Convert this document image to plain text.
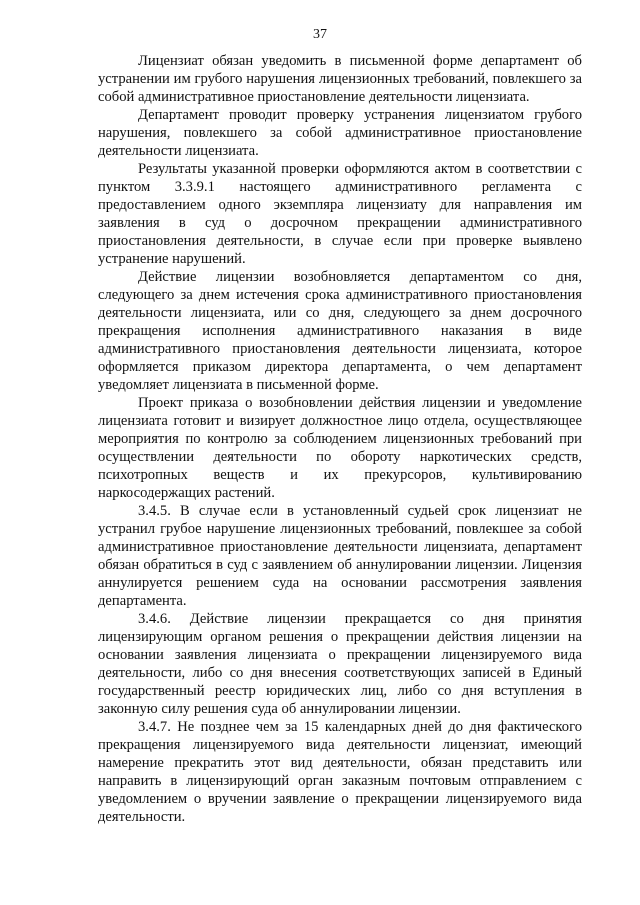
37

Лицензиат обязан уведомить в письменной форме департамент об устранении им грубого нарушения лицензионных требований, повлекшего за собой административное приостановление деятельности лицензиата.

Департамент проводит проверку устранения лицензиатом грубого нарушения, повлекшего за собой административное приостановление деятельности лицензиата.

Результаты указанной проверки оформляются актом в соответствии с пунктом 3.3.9.1 настоящего административного регламента с предоставлением одного экземпляра лицензиату для направления им заявления в суд о досрочном прекращении административного приостановления деятельности, в случае если при проверке выявлено устранение нарушений.

Действие лицензии возобновляется департаментом со дня, следующего за днем истечения срока административного приостановления деятельности лицензиата, или со дня, следующего за днем досрочного прекращения исполнения административного наказания в виде административного приостановления деятельности лицензиата, которое оформляется приказом директора департамента, о чем департамент уведомляет лицензиата в письменной форме.

Проект приказа о возобновлении действия лицензии и уведомление лицензиата готовит и визирует должностное лицо отдела, осуществляющее мероприятия по контролю за соблюдением лицензионных требований при осуществлении деятельности по обороту наркотических средств, психотропных веществ и их прекурсоров, культивированию наркосодержащих растений.

3.4.5. В случае если в установленный судьей срок лицензиат не устранил грубое нарушение лицензионных требований, повлекшее за собой административное приостановление деятельности лицензиата, департамент обязан обратиться в суд с заявлением об аннулировании лицензии. Лицензия аннулируется решением суда на основании рассмотрения заявления департамента.

3.4.6. Действие лицензии прекращается со дня принятия лицензирующим органом решения о прекращении действия лицензии на основании заявления лицензиата о прекращении лицензируемого вида деятельности, либо со дня внесения соответствующих записей в Единый государственный реестр юридических лиц, либо со дня вступления в законную силу решения суда об аннулировании лицензии.

3.4.7. Не позднее чем за 15 календарных дней до дня фактического прекращения лицензируемого вида деятельности лицензиат, имеющий намерение прекратить этот вид деятельности, обязан представить или направить в лицензирующий орган заказным почтовым отправлением с уведомлением о вручении заявление о прекращении лицензируемого вида деятельности.
